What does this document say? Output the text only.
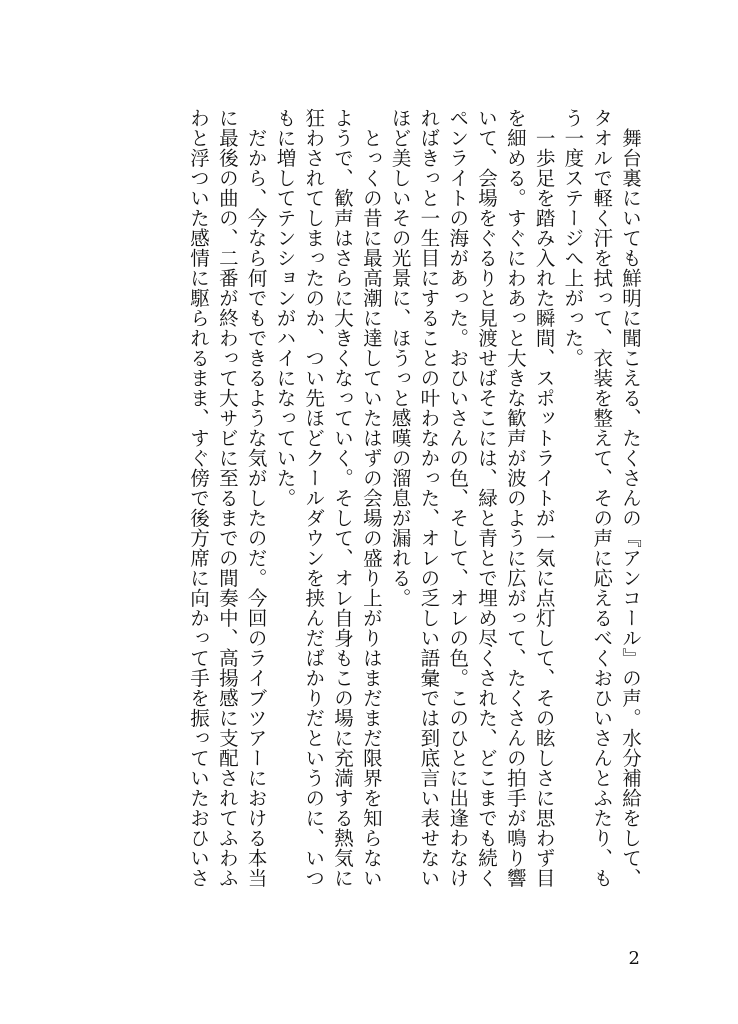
　舞台裏にいても鮮明に聞こえる、たくさんの『アンコール』の声。水分補給をして、
タオルで軽く汗を拭って、衣装を整えて、その声に応えるべくおひいさんとふたり、も
う一度ステージへ上がった。
　一歩足を踏み入れた瞬間、スポットライトが一気に点灯して、その眩しさに思わず目
を細める。すぐにわあっと大きな歓声が波のように広がって、たくさんの拍手が鳴り響
いて、会場をぐるりと見渡せばそこには、緑と青とで埋め尽くされた、どこまでも続く
ペンライトの海があった。おひいさんの色、そして、オレの色。このひとに出逢わなけ
ればきっと一生目にすることの叶わなかった、オレの乏しい語彙では到底言い表せない
ほど美しいその光景に、ほうっと感嘆の溜息が漏れる。
　とっくの昔に最高潮に達していたはずの会場の盛り上がりはまだまだ限界を知らない
ようで、歓声はさらに大きくなっていく。そして、オレ自身もこの場に充満する熱気に
狂わされてしまったのか、つい先ほどクールダウンを挟んだばかりだというのに、いつ
もに増してテンションがハイになっていた。
　だから、今なら何でもできるような気がしたのだ。今回のライブツアーにおける本当
に最後の曲の、二番が終わって大サビに至るまでの間奏中、高揚感に支配されてふわふ
わと浮ついた感情に駆られるまま、すぐ傍で後方席に向かって手を振っていたおひいさ
2
